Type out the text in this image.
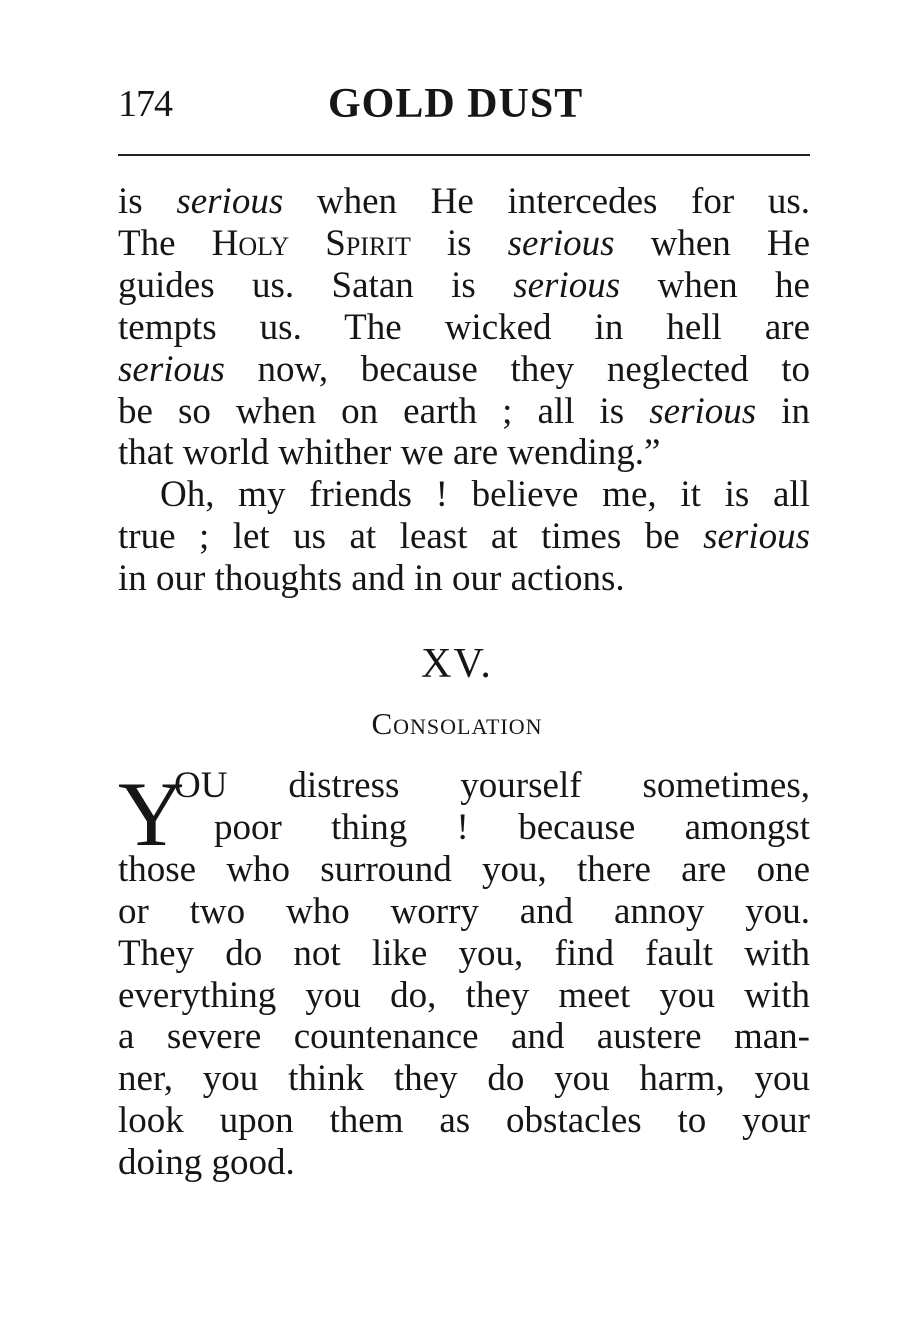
174	GOLD DUST
is serious when He intercedes for us.
The Holy Spirit is serious when He
guides us. Satan is serious when he
tempts us. The wicked in hell are
serious now, because they neglected to
be so when on earth ; all is serious in
that world whither we are wending.”
Oh, my friends ! believe me, it is all
true ; let us at least at times be serious
in our thoughts and in our actions.
XV.
Consolation
Y
OU distress yourself sometimes,
poor thing ! because amongst
those who surround you, there are one
or two who worry and annoy you.
They do not like you, find fault with
everything you do, they meet you with
a severe countenance and austere man-
ner, you think they do you harm, you
look upon them as obstacles to your
doing good.
